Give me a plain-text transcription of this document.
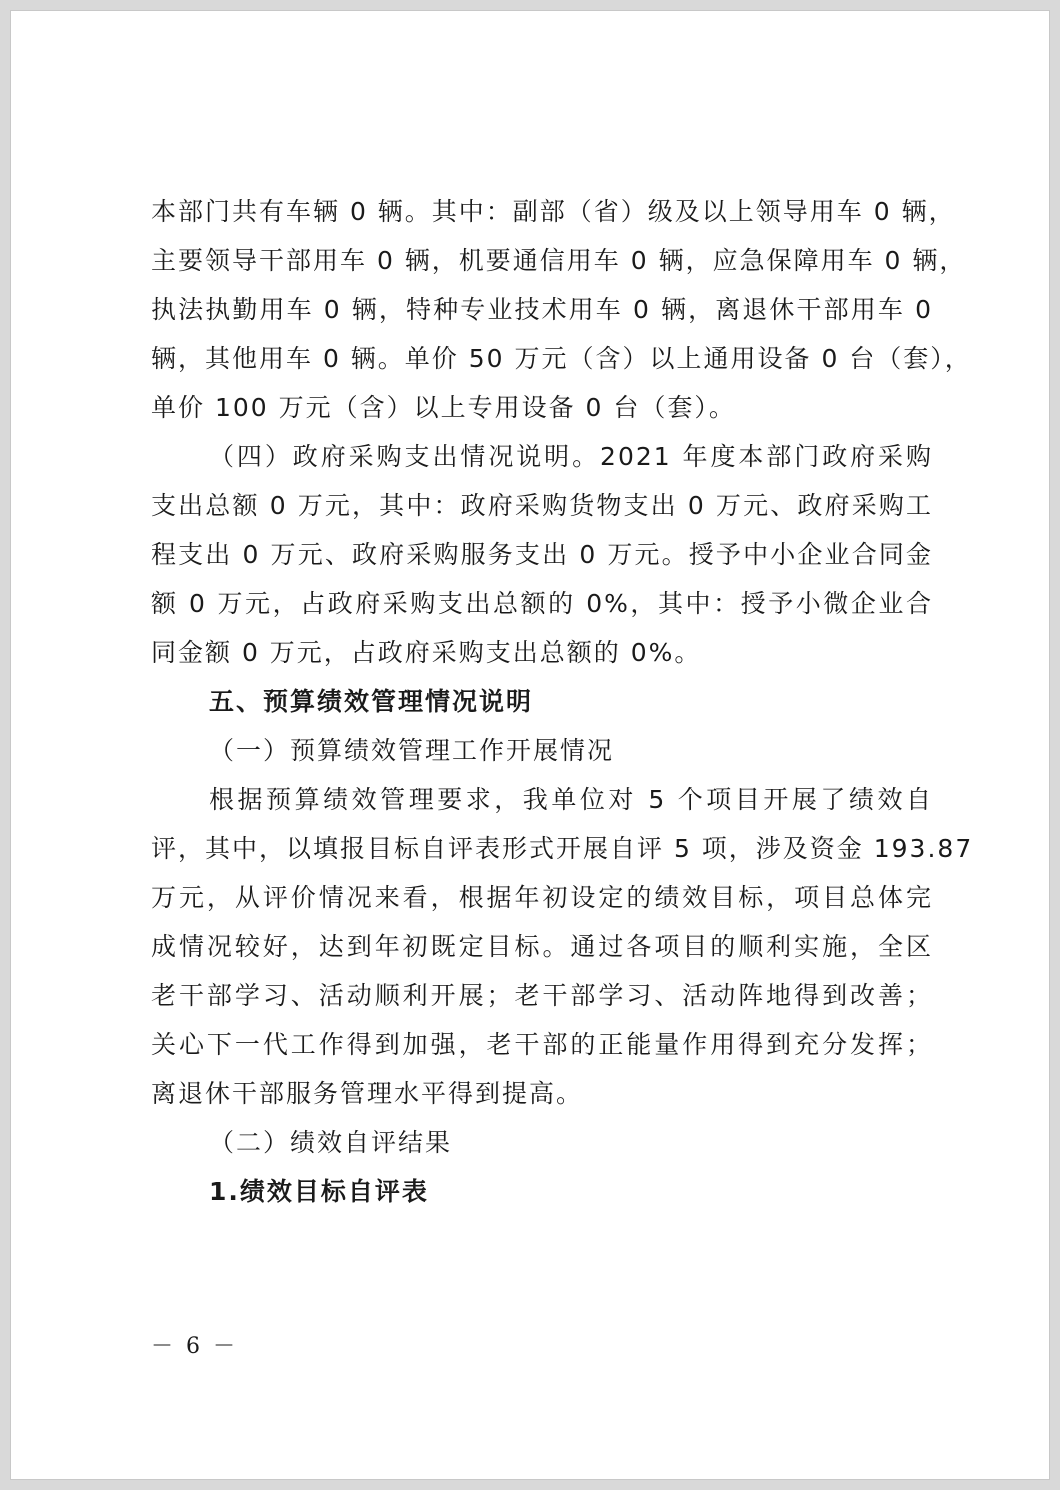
本部门共有车辆 0 辆。其中：副部（省）级及以上领导用车 0 辆，
主要领导干部用车 0 辆，机要通信用车 0 辆，应急保障用车 0 辆，
执法执勤用车 0 辆，特种专业技术用车 0 辆，离退休干部用车 0
辆，其他用车 0 辆。单价 50 万元（含）以上通用设备 0 台（套），
单价 100 万元（含）以上专用设备 0 台（套）。
（四）政府采购支出情况说明。2021 年度本部门政府采购
支出总额 0 万元，其中：政府采购货物支出 0 万元、政府采购工
程支出 0 万元、政府采购服务支出 0 万元。授予中小企业合同金
额 0 万元，占政府采购支出总额的 0%，其中：授予小微企业合
同金额 0 万元，占政府采购支出总额的 0%。
五、预算绩效管理情况说明
（一）预算绩效管理工作开展情况
根据预算绩效管理要求，我单位对 5 个项目开展了绩效自
评，其中，以填报目标自评表形式开展自评 5 项，涉及资金 193.87
万元，从评价情况来看，根据年初设定的绩效目标，项目总体完
成情况较好，达到年初既定目标。通过各项目的顺利实施，全区
老干部学习、活动顺利开展；老干部学习、活动阵地得到改善；
关心下一代工作得到加强，老干部的正能量作用得到充分发挥；
离退休干部服务管理水平得到提高。
（二）绩效自评结果
1.绩效目标自评表
－ 6 －
